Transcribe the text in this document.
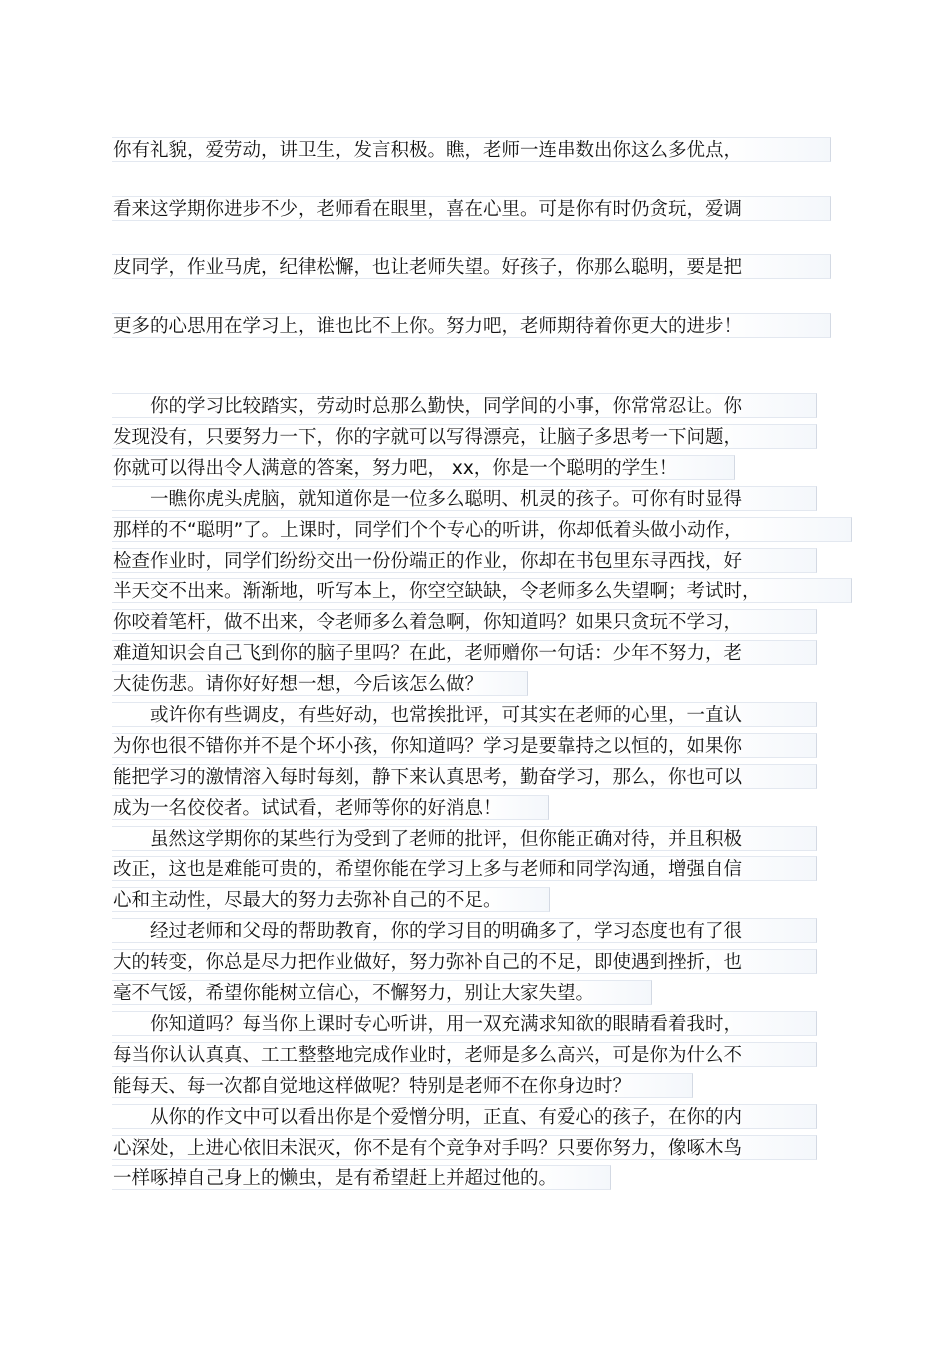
你有礼貌，爱劳动，讲卫生，发言积极。瞧，老师一连串数出你这么多优点，
看来这学期你进步不少，老师看在眼里，喜在心里。可是你有时仍贪玩，爱调
皮同学，作业马虎，纪律松懈，也让老师失望。好孩子，你那么聪明，要是把
更多的心思用在学习上，谁也比不上你。努力吧，老师期待着你更大的进步！
你的学习比较踏实，劳动时总那么勤快，同学间的小事，你常常忍让。你
发现没有，只要努力一下，你的字就可以写得漂亮，让脑子多思考一下问题，
你就可以得出令人满意的答案，努力吧， xx，你是一个聪明的学生！
一瞧你虎头虎脑，就知道你是一位多么聪明、机灵的孩子。可你有时显得
那样的不“聪明”了。上课时，同学们个个专心的听讲，你却低着头做小动作，
检查作业时，同学们纷纷交出一份份端正的作业，你却在书包里东寻西找，好
半天交不出来。渐渐地，听写本上，你空空缺缺，令老师多么失望啊；考试时，
你咬着笔杆，做不出来，令老师多么着急啊，你知道吗？如果只贪玩不学习，
难道知识会自己飞到你的脑子里吗？在此，老师赠你一句话：少年不努力，老
大徒伤悲。请你好好想一想，今后该怎么做？
或许你有些调皮，有些好动，也常挨批评，可其实在老师的心里，一直认
为你也很不错你并不是个坏小孩，你知道吗？学习是要靠持之以恒的，如果你
能把学习的激情溶入每时每刻，静下来认真思考，勤奋学习，那么，你也可以
成为一名佼佼者。试试看，老师等你的好消息！
虽然这学期你的某些行为受到了老师的批评，但你能正确对待，并且积极
改正，这也是难能可贵的，希望你能在学习上多与老师和同学沟通，增强自信
心和主动性，尽最大的努力去弥补自己的不足。
经过老师和父母的帮助教育，你的学习目的明确多了，学习态度也有了很
大的转变，你总是尽力把作业做好，努力弥补自己的不足，即使遇到挫折，也
毫不气馁，希望你能树立信心，不懈努力，别让大家失望。
你知道吗？每当你上课时专心听讲，用一双充满求知欲的眼睛看着我时，
每当你认认真真、工工整整地完成作业时，老师是多么高兴，可是你为什么不
能每天、每一次都自觉地这样做呢？特别是老师不在你身边时？
从你的作文中可以看出你是个爱憎分明，正直、有爱心的孩子，在你的内
心深处，上进心依旧未泯灭，你不是有个竞争对手吗？只要你努力，像啄木鸟
一样啄掉自己身上的懒虫，是有希望赶上并超过他的。
